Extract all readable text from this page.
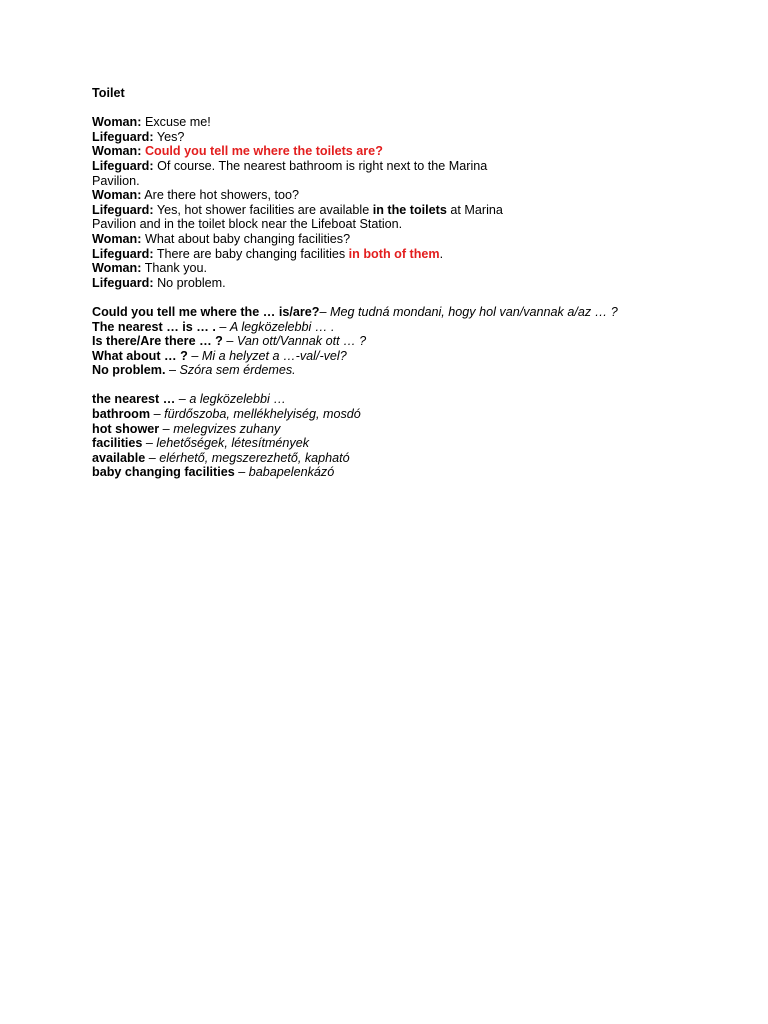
Toilet
Woman: Excuse me!
Lifeguard: Yes?
Woman: Could you tell me where the toilets are?
Lifeguard: Of course. The nearest bathroom is right next to the Marina
Pavilion.
Woman: Are there hot showers, too?
Lifeguard: Yes, hot shower facilities are available in the toilets at Marina
Pavilion and in the toilet block near the Lifeboat Station.
Woman: What about baby changing facilities?
Lifeguard: There are baby changing facilities in both of them.
Woman: Thank you.
Lifeguard: No problem.
Could you tell me where the … is/are?– Meg tudná mondani, hogy hol van/vannak a/az … ?
The nearest … is … . – A legközelebbi … .
Is there/Are there … ? – Van ott/Vannak ott … ?
What about … ? – Mi a helyzet a …-val/-vel?
No problem. – Szóra sem érdemes.
the nearest … – a legközelebbi …
bathroom – fürdőszoba, mellékhelyiség, mosdó
hot shower – melegvizes zuhany
facilities – lehetőségek, létesítmények
available – elérhető, megszerezhető, kapható
baby changing facilities – babapelenkázó
